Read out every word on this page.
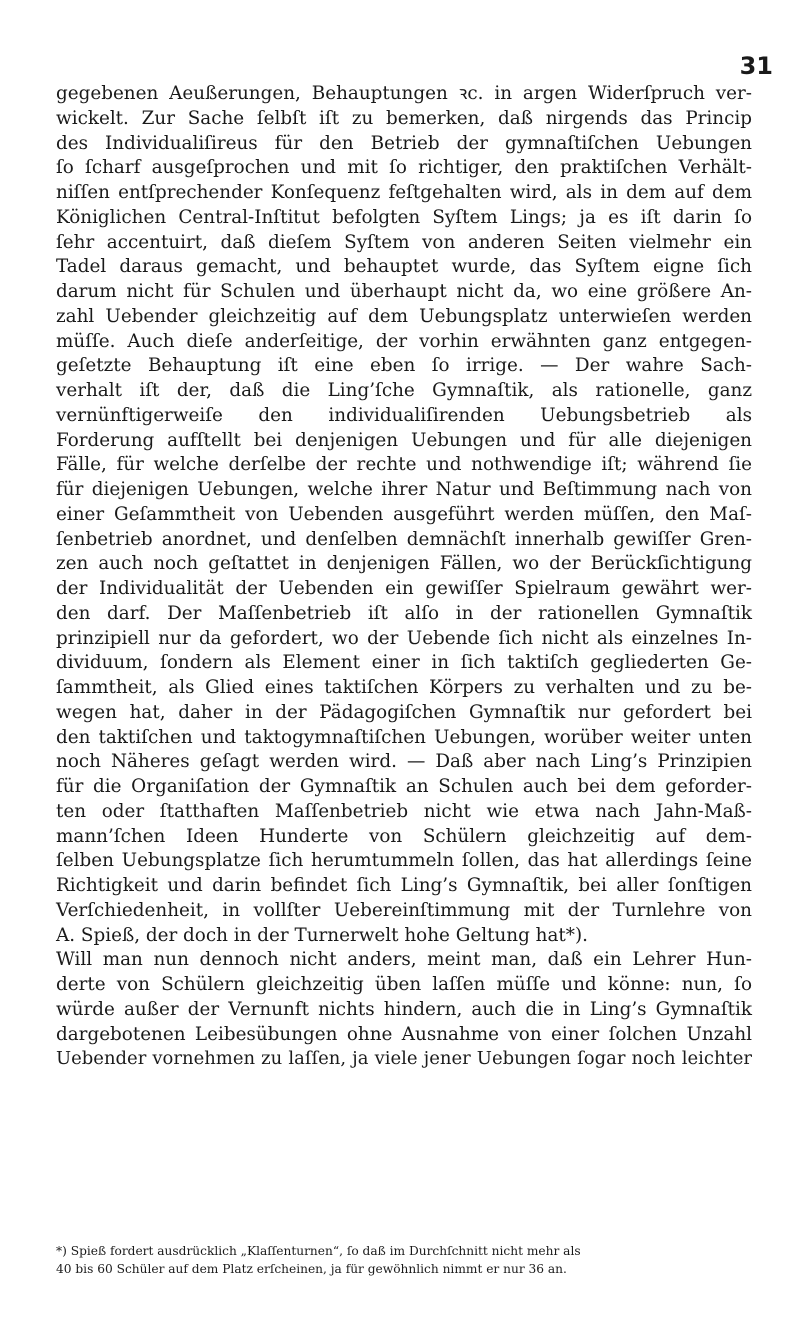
31
gegebenen Aeußerungen, Behauptungen ꝛc. in argen Widerſpruch ver-
wickelt. Zur Sache ſelbſt iſt zu bemerken, daß nirgends das Princip
des Individualiſireus für den Betrieb der gymnaſtiſchen Uebungen
ſo ſcharf ausgeſprochen und mit ſo richtiger, den praktiſchen Verhält-
niſſen entſprechender Konſequenz feſtgehalten wird, als in dem auf dem
Königlichen Central-Inſtitut befolgten Syſtem Lings; ja es iſt darin ſo
ſehr accentuirt, daß dieſem Syſtem von anderen Seiten vielmehr ein
Tadel daraus gemacht, und behauptet wurde, das Syſtem eigne ſich
darum nicht für Schulen und überhaupt nicht da, wo eine größere An-
zahl Uebender gleichzeitig auf dem Uebungsplatz unterwieſen werden
müſſe. Auch dieſe anderſeitige, der vorhin erwähnten ganz entgegen-
geſetzte Behauptung iſt eine eben ſo irrige. — Der wahre Sach-
verhalt iſt der, daß die Ling’ſche Gymnaſtik, als rationelle, ganz
vernünftigerweiſe den individualiſirenden Uebungsbetrieb als
Forderung aufſtellt bei denjenigen Uebungen und für alle diejenigen
Fälle, für welche derſelbe der rechte und nothwendige iſt; während ſie
für diejenigen Uebungen, welche ihrer Natur und Beſtimmung nach von
einer Geſammtheit von Uebenden ausgeführt werden müſſen, den Maſ-
ſenbetrieb anordnet, und denſelben demnächſt innerhalb gewiſſer Gren-
zen auch noch geſtattet in denjenigen Fällen, wo der Berückſichtigung
der Individualität der Uebenden ein gewiſſer Spielraum gewährt wer-
den darf. Der Maſſenbetrieb iſt alſo in der rationellen Gymnaſtik
prinzipiell nur da gefordert, wo der Uebende ſich nicht als einzelnes In-
dividuum, ſondern als Element einer in ſich taktiſch gegliederten Ge-
ſammtheit, als Glied eines taktiſchen Körpers zu verhalten und zu be-
wegen hat, daher in der Pädagogiſchen Gymnaſtik nur gefordert bei
den taktiſchen und taktogymnaſtiſchen Uebungen, worüber weiter unten
noch Näheres geſagt werden wird. — Daß aber nach Ling’s Prinzipien
für die Organiſation der Gymnaſtik an Schulen auch bei dem geforder-
ten oder ſtatthaften Maſſenbetrieb nicht wie etwa nach Jahn-Maß-
mann’ſchen Ideen Hunderte von Schülern gleichzeitig auf dem-
ſelben Uebungsplatze ſich herumtummeln ſollen, das hat allerdings ſeine
Richtigkeit und darin befindet ſich Ling’s Gymnaſtik, bei aller ſonſtigen
Verſchiedenheit, in vollſter Uebereinſtimmung mit der Turnlehre von
A. Spieß, der doch in der Turnerwelt hohe Geltung hat*).
Will man nun dennoch nicht anders, meint man, daß ein Lehrer Hun-
derte von Schülern gleichzeitig üben laſſen müſſe und könne: nun, ſo
würde außer der Vernunft nichts hindern, auch die in Ling’s Gymnaſtik
dargebotenen Leibesübungen ohne Ausnahme von einer ſolchen Unzahl
Uebender vornehmen zu laſſen, ja viele jener Uebungen ſogar noch leichter
*) Spieß fordert ausdrücklich „Klaſſenturnen“, ſo daß im Durchſchnitt nicht mehr als
40 bis 60 Schüler auf dem Platz erſcheinen, ja für gewöhnlich nimmt er nur 36 an.
